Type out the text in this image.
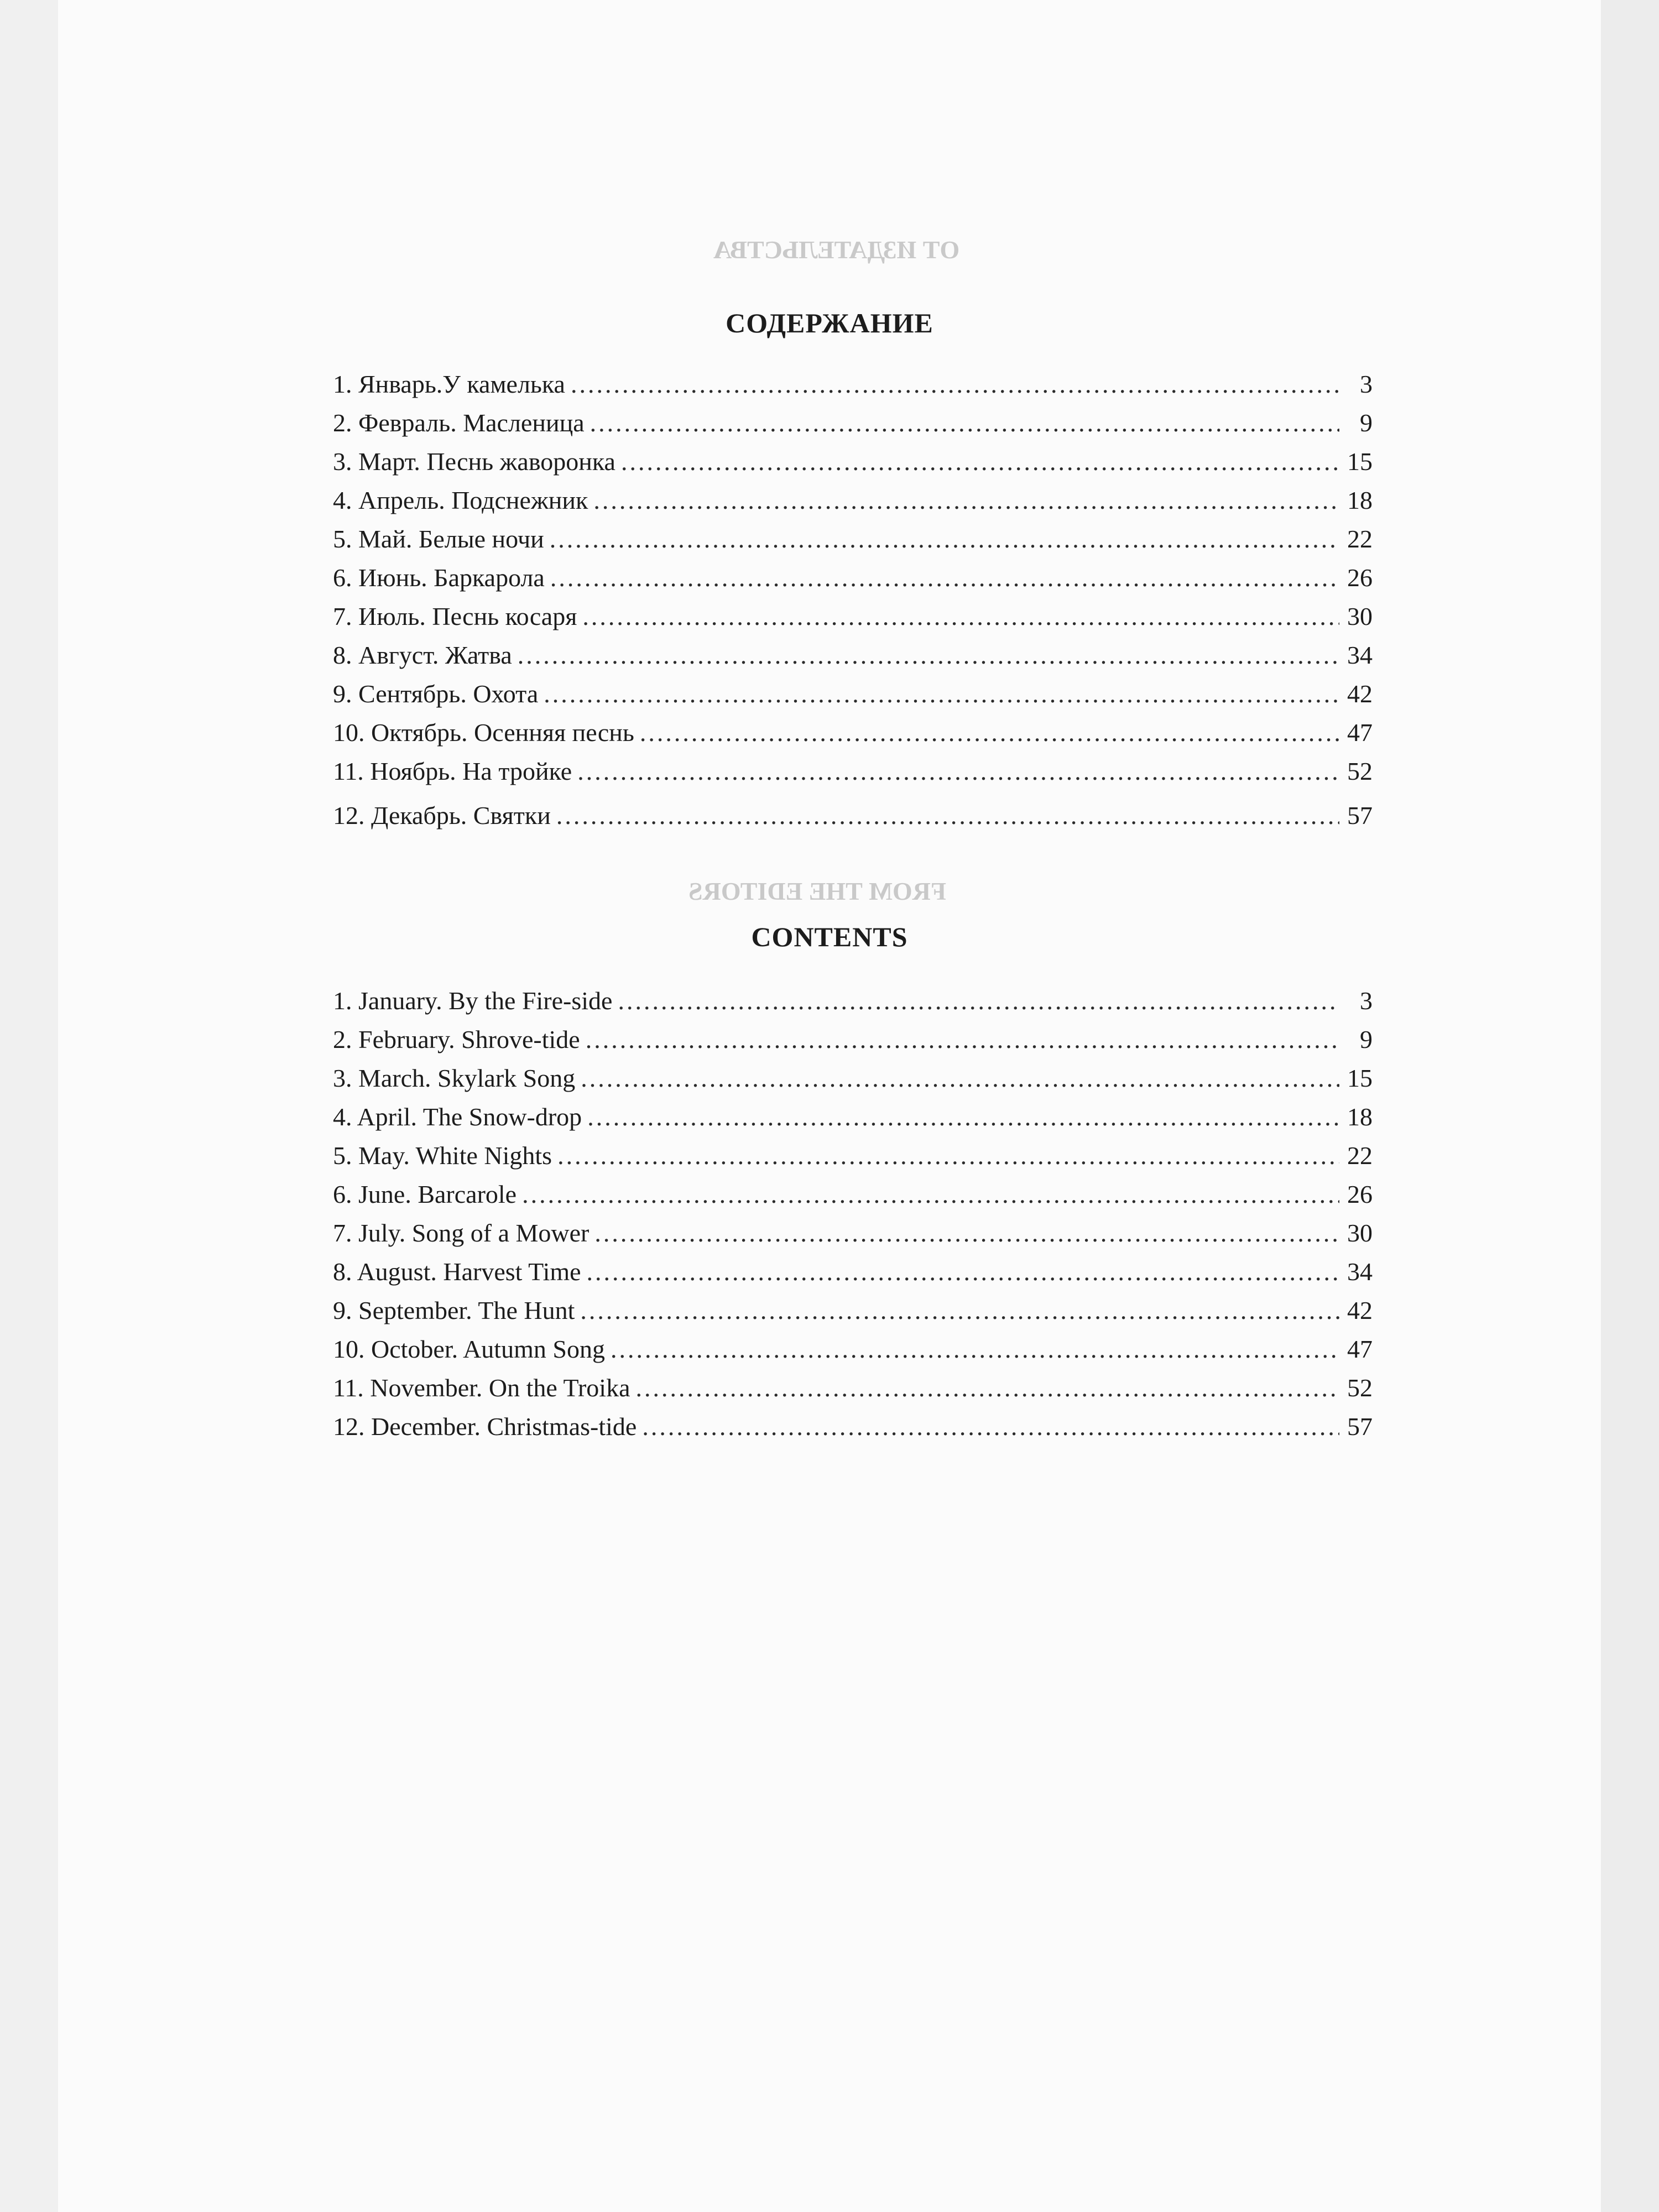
ОТ ИЗДАТЕЛЬСТВА
FROM THE EDITORS
СОДЕРЖАНИЕ
1. Январь.У камелька .....	3
2. Февраль. Масленица .....	9
3. Март. Песнь жаворонка .....	15
4. Апрель. Подснежник .....	18
5. Май. Белые ночи .....	22
6. Июнь. Баркарола .....	26
7. Июль. Песнь косаря .....	30
8. Август. Жатва .....	34
9. Сентябрь. Охота .....	42
10. Октябрь. Осенняя песнь .....	47
11. Ноябрь. На тройке .....	52
12. Декабрь. Святки .....	57
CONTENTS
1. January. By the Fire-side .....	3
2. February. Shrove-tide .....	9
3. March. Skylark Song .....	15
4. April. The Snow-drop .....	18
5. May. White Nights .....	22
6. June. Barcarole .....	26
7. July. Song of a Mower .....	30
8. August. Harvest Time .....	34
9. September. The Hunt .....	42
10. October. Autumn Song .....	47
11. November. On the Troika .....	52
12. December. Christmas-tide .....	57
